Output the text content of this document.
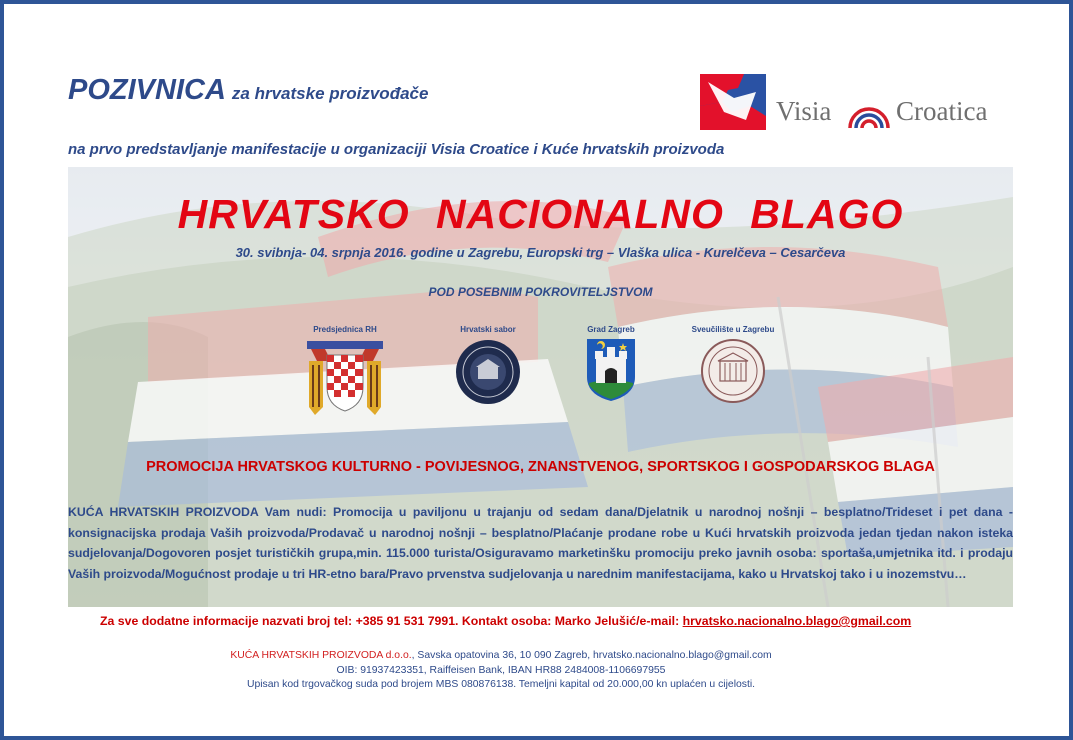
POZIVNICA za hrvatske proizvođače
na prvo predstavljanje manifestacije u organizaciji Visia Croatice i Kuće hrvatskih proizvoda
Visia Croatica
HRVATSKO NACIONALNO BLAGO
30. svibnja- 04. srpnja 2016. godine u Zagrebu, Europski trg – Vlaška ulica - Kurelčeva – Cesarčeva
POD POSEBNIM POKROVITELJSTVOM
Predsjednica RH	Hrvatski sabor	Grad Zagreb	Sveučilište u Zagrebu
PROMOCIJA HRVATSKOG KULTURNO - POVIJESNOG, ZNANSTVENOG, SPORTSKOG I GOSPODARSKOG BLAGA
KUĆA HRVATSKIH PROIZVODA Vam nudi: Promocija u paviljonu u trajanju od sedam dana/Djelatnik u narodnoj nošnji – besplatno/Trideset i pet dana - konsignacijska prodaja Vaših proizvoda/Prodavač u narodnoj nošnji – besplatno/Plaćanje prodane robe u Kući hrvatskih proizvoda jedan tjedan nakon isteka sudjelovanja/Dogovoren posjet turističkih grupa,min. 115.000 turista/Osiguravamo marketinšku promociju preko javnih osoba: sportaša,umjetnika itd. i prodaju Vaših proizvoda/Mogućnost prodaje u tri HR-etno bara/Pravo prvenstva sudjelovanja u narednim manifestacijama, kako u Hrvatskoj tako i u inozemstvu…
Za sve dodatne informacije nazvati broj tel: +385 91 531 7991. Kontakt osoba: Marko Jelušić/e-mail: hrvatsko.nacionalno.blago@gmail.com
KUĆA HRVATSKIH PROIZVODA d.o.o., Savska opatovina 36, 10 090 Zagreb, hrvatsko.nacionalno.blago@gmail.com
OIB: 91937423351, Raiffeisen Bank, IBAN HR88 2484008-1106697955
Upisan kod trgovačkog suda pod brojem MBS 080876138. Temeljni kapital od 20.000,00 kn uplaćen u cijelosti.
